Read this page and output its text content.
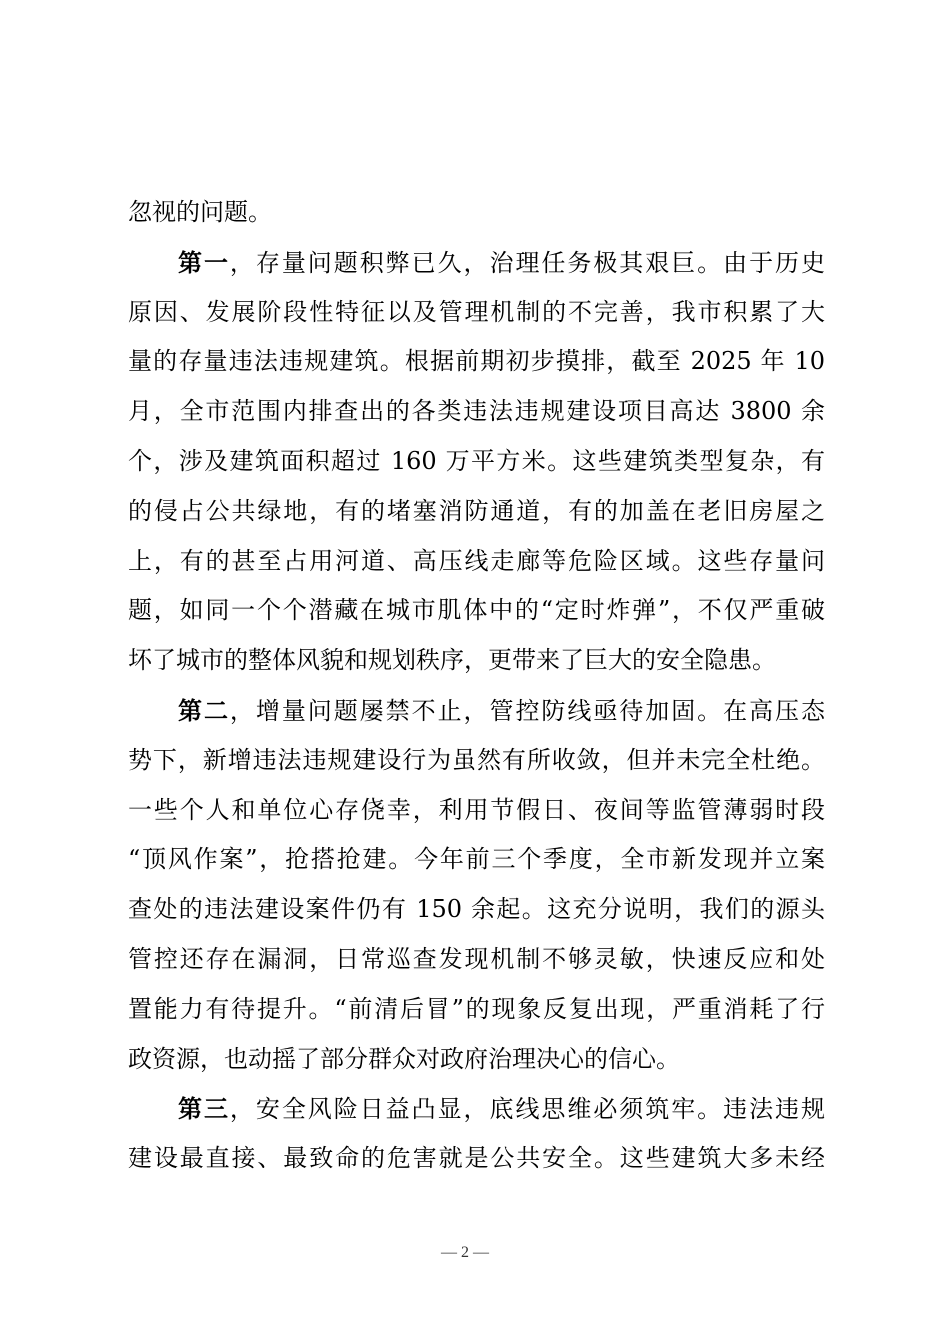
忽视的问题。
第一，存量问题积弊已久，治理任务极其艰巨。由于历史
原因、发展阶段性特征以及管理机制的不完善，我市积累了大
量的存量违法违规建筑。根据前期初步摸排，截至 2025 年 10
月，全市范围内排查出的各类违法违规建设项目高达 3800 余
个，涉及建筑面积超过 160 万平方米。这些建筑类型复杂，有
的侵占公共绿地，有的堵塞消防通道，有的加盖在老旧房屋之
上，有的甚至占用河道、高压线走廊等危险区域。这些存量问
题，如同一个个潜藏在城市肌体中的“定时炸弹”，不仅严重破
坏了城市的整体风貌和规划秩序，更带来了巨大的安全隐患。
第二，增量问题屡禁不止，管控防线亟待加固。在高压态
势下，新增违法违规建设行为虽然有所收敛，但并未完全杜绝。
一些个人和单位心存侥幸，利用节假日、夜间等监管薄弱时段
“顶风作案”，抢搭抢建。今年前三个季度，全市新发现并立案
查处的违法建设案件仍有 150 余起。这充分说明，我们的源头
管控还存在漏洞，日常巡查发现机制不够灵敏，快速反应和处
置能力有待提升。“前清后冒”的现象反复出现，严重消耗了行
政资源，也动摇了部分群众对政府治理决心的信心。
第三，安全风险日益凸显，底线思维必须筑牢。违法违规
建设最直接、最致命的危害就是公共安全。这些建筑大多未经
— 2 —
